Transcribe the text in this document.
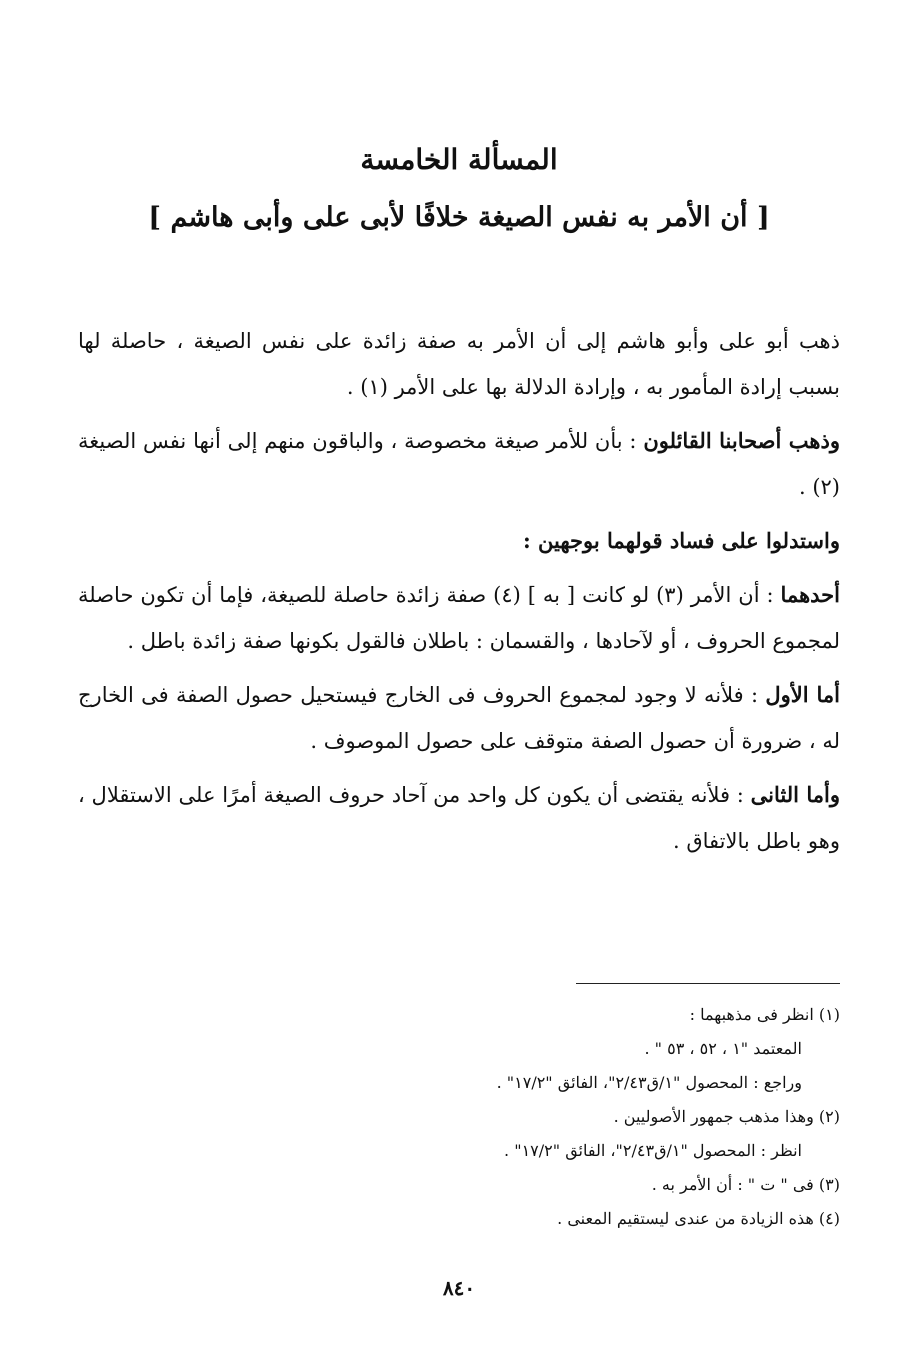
المسألة الخامسة
[ أن الأمر به نفس الصيغة خلافًا لأبى على وأبى هاشم ]

ذهب أبو على وأبو هاشم إلى أن الأمر به صفة زائدة على نفس الصيغة ، حاصلة لها بسبب إرادة المأمور به ، وإرادة الدلالة بها على الأمر (١) .

وذهب أصحابنا القائلون : بأن للأمر صيغة مخصوصة ، والباقون منهم إلى أنها نفس الصيغة (٢) .

واستدلوا على فساد قولهما بوجهين :

أحدهما : أن الأمر (٣) لو كانت [ به ] (٤) صفة زائدة حاصلة للصيغة، فإما أن تكون حاصلة لمجموع الحروف ، أو لآحادها ، والقسمان : باطلان فالقول بكونها صفة زائدة باطل .

أما الأول : فلأنه لا وجود لمجموع الحروف فى الخارج فيستحيل حصول الصفة فى الخارج له ، ضرورة أن حصول الصفة متوقف على حصول الموصوف .

وأما الثانى : فلأنه يقتضى أن يكون كل واحد من آحاد حروف الصيغة أمرًا على الاستقلال ، وهو باطل بالاتفاق .

(١) انظر فى مذهبهما :
المعتمد "١ ، ٥٢ ، ٥٣ " .
وراجع : المحصول "١/ق٢/٤٣"، الفائق "١٧/٢" .
(٢) وهذا مذهب جمهور الأصوليين .
انظر : المحصول "١/ق٢/٤٣"، الفائق "١٧/٢" .
(٣) فى " ت " : أن الأمر به .
(٤) هذه الزيادة من عندى ليستقيم المعنى .
٨٤٠
